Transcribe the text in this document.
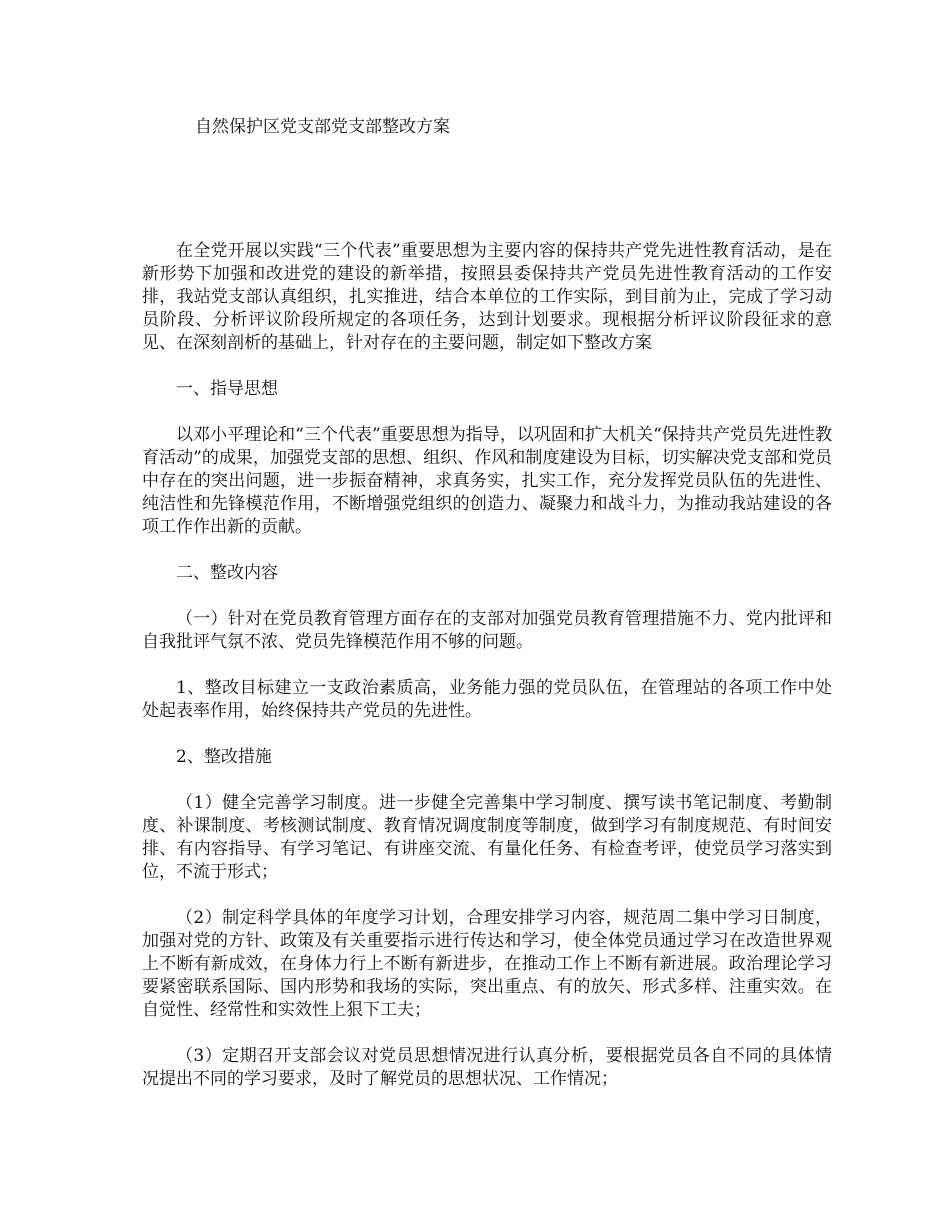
自然保护区党支部党支部整改方案

在全党开展以实践“三个代表”重要思想为主要内容的保持共产党先进性教育活动，是在新形势下加强和改进党的建设的新举措，按照县委保持共产党员先进性教育活动的工作安排，我站党支部认真组织，扎实推进，结合本单位的工作实际，到目前为止，完成了学习动员阶段、分析评议阶段所规定的各项任务，达到计划要求。现根据分析评议阶段征求的意见、在深刻剖析的基础上，针对存在的主要问题，制定如下整改方案

一、指导思想

以邓小平理论和“三个代表”重要思想为指导，以巩固和扩大机关“保持共产党员先进性教育活动”的成果，加强党支部的思想、组织、作风和制度建设为目标，切实解决党支部和党员中存在的突出问题，进一步振奋精神，求真务实，扎实工作，充分发挥党员队伍的先进性、纯洁性和先锋模范作用，不断增强党组织的创造力、凝聚力和战斗力，为推动我站建设的各项工作作出新的贡献。

二、整改内容

（一）针对在党员教育管理方面存在的支部对加强党员教育管理措施不力、党内批评和自我批评气氛不浓、党员先锋模范作用不够的问题。

1、整改目标建立一支政治素质高，业务能力强的党员队伍，在管理站的各项工作中处处起表率作用，始终保持共产党员的先进性。

2、整改措施

（1）健全完善学习制度。进一步健全完善集中学习制度、撰写读书笔记制度、考勤制度、补课制度、考核测试制度、教育情况调度制度等制度，做到学习有制度规范、有时间安排、有内容指导、有学习笔记、有讲座交流、有量化任务、有检查考评，使党员学习落实到位，不流于形式；

（2）制定科学具体的年度学习计划，合理安排学习内容，规范周二集中学习日制度，加强对党的方针、政策及有关重要指示进行传达和学习，使全体党员通过学习在改造世界观上不断有新成效，在身体力行上不断有新进步，在推动工作上不断有新进展。政治理论学习要紧密联系国际、国内形势和我场的实际，突出重点、有的放矢、形式多样、注重实效。在自觉性、经常性和实效性上狠下工夫；

（3）定期召开支部会议对党员思想情况进行认真分析，要根据党员各自不同的具体情况提出不同的学习要求，及时了解党员的思想状况、工作情况；
